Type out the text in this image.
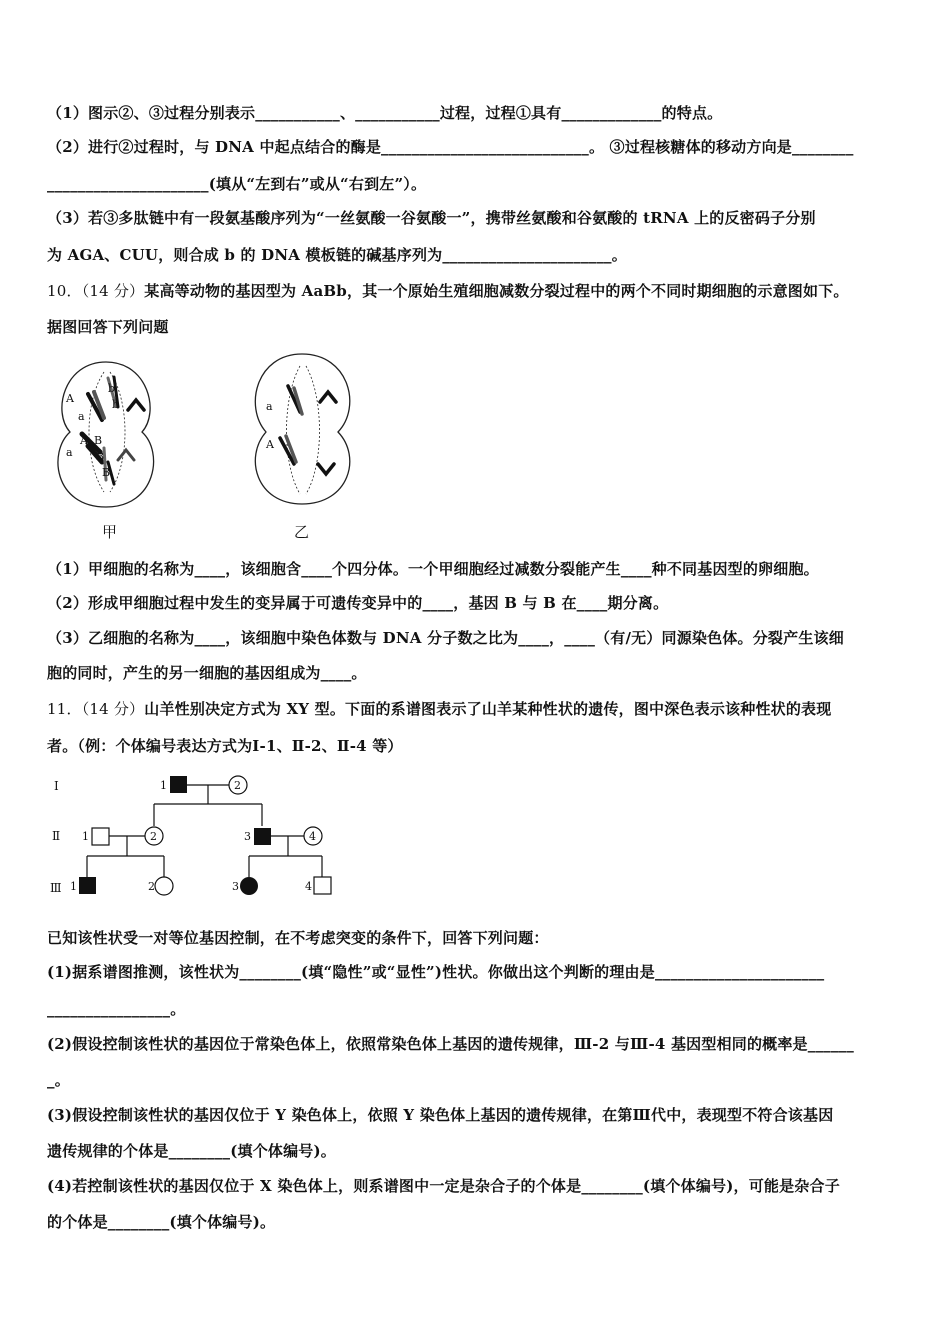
（1）图示②、③过程分别表示___________、___________过程，过程①具有_____________的特点。
（2）进行②过程时，与 DNA 中起点结合的酶是___________________________。 ③过程核糖体的移动方向是________
_____________________(填从“左到右”或从“右到左”）。
（3）若③多肽链中有一段氨基酸序列为“一丝氨酸一谷氨酸一”，携带丝氨酸和谷氨酸的 tRNA 上的反密码子分别
为 AGA、CUU，则合成 b 的 DNA 模板链的碱基序列为______________________。
10．（14 分）某高等动物的基因型为 AaBb，其一个原始生殖细胞减数分裂过程中的两个不同时期细胞的示意图如下。
据图回答下列问题
A
a
b
b
A
a
B
B
B
a
A
甲	乙
（1）甲细胞的名称为____，该细胞含____个四分体。一个甲细胞经过减数分裂能产生____种不同基因型的卵细胞。
（2）形成甲细胞过程中发生的变异属于可遗传变异中的____，基因 B 与 B 在____期分离。
（3）乙细胞的名称为____，该细胞中染色体数与 DNA 分子数之比为____，____（有/无）同源染色体。分裂产生该细
胞的同时，产生的另一细胞的基因组成为____。
11．（14 分）山羊性别决定方式为 XY 型。下面的系谱图表示了山羊某种性状的遗传，图中深色表示该种性状的表现
者。（例：个体编号表达方式为Ⅰ-1、Ⅱ-2、Ⅱ-4 等）
Ⅰ
Ⅱ
Ⅲ
1	2
1	2	3	4
1	2	3	4
已知该性状受一对等位基因控制，在不考虑突变的条件下，回答下列问题：
(1)据系谱图推测，该性状为________(填“隐性”或“显性”)性状。你做出这个判断的理由是______________________
________________。
(2)假设控制该性状的基因位于常染色体上，依照常染色体上基因的遗传规律，Ⅲ-2 与Ⅲ-4 基因型相同的概率是______
_。
(3)假设控制该性状的基因仅位于 Y 染色体上，依照 Y 染色体上基因的遗传规律，在第Ⅲ代中，表现型不符合该基因
遗传规律的个体是________(填个体编号)。
(4)若控制该性状的基因仅位于 X 染色体上，则系谱图中一定是杂合子的个体是________(填个体编号)，可能是杂合子
的个体是________(填个体编号)。
